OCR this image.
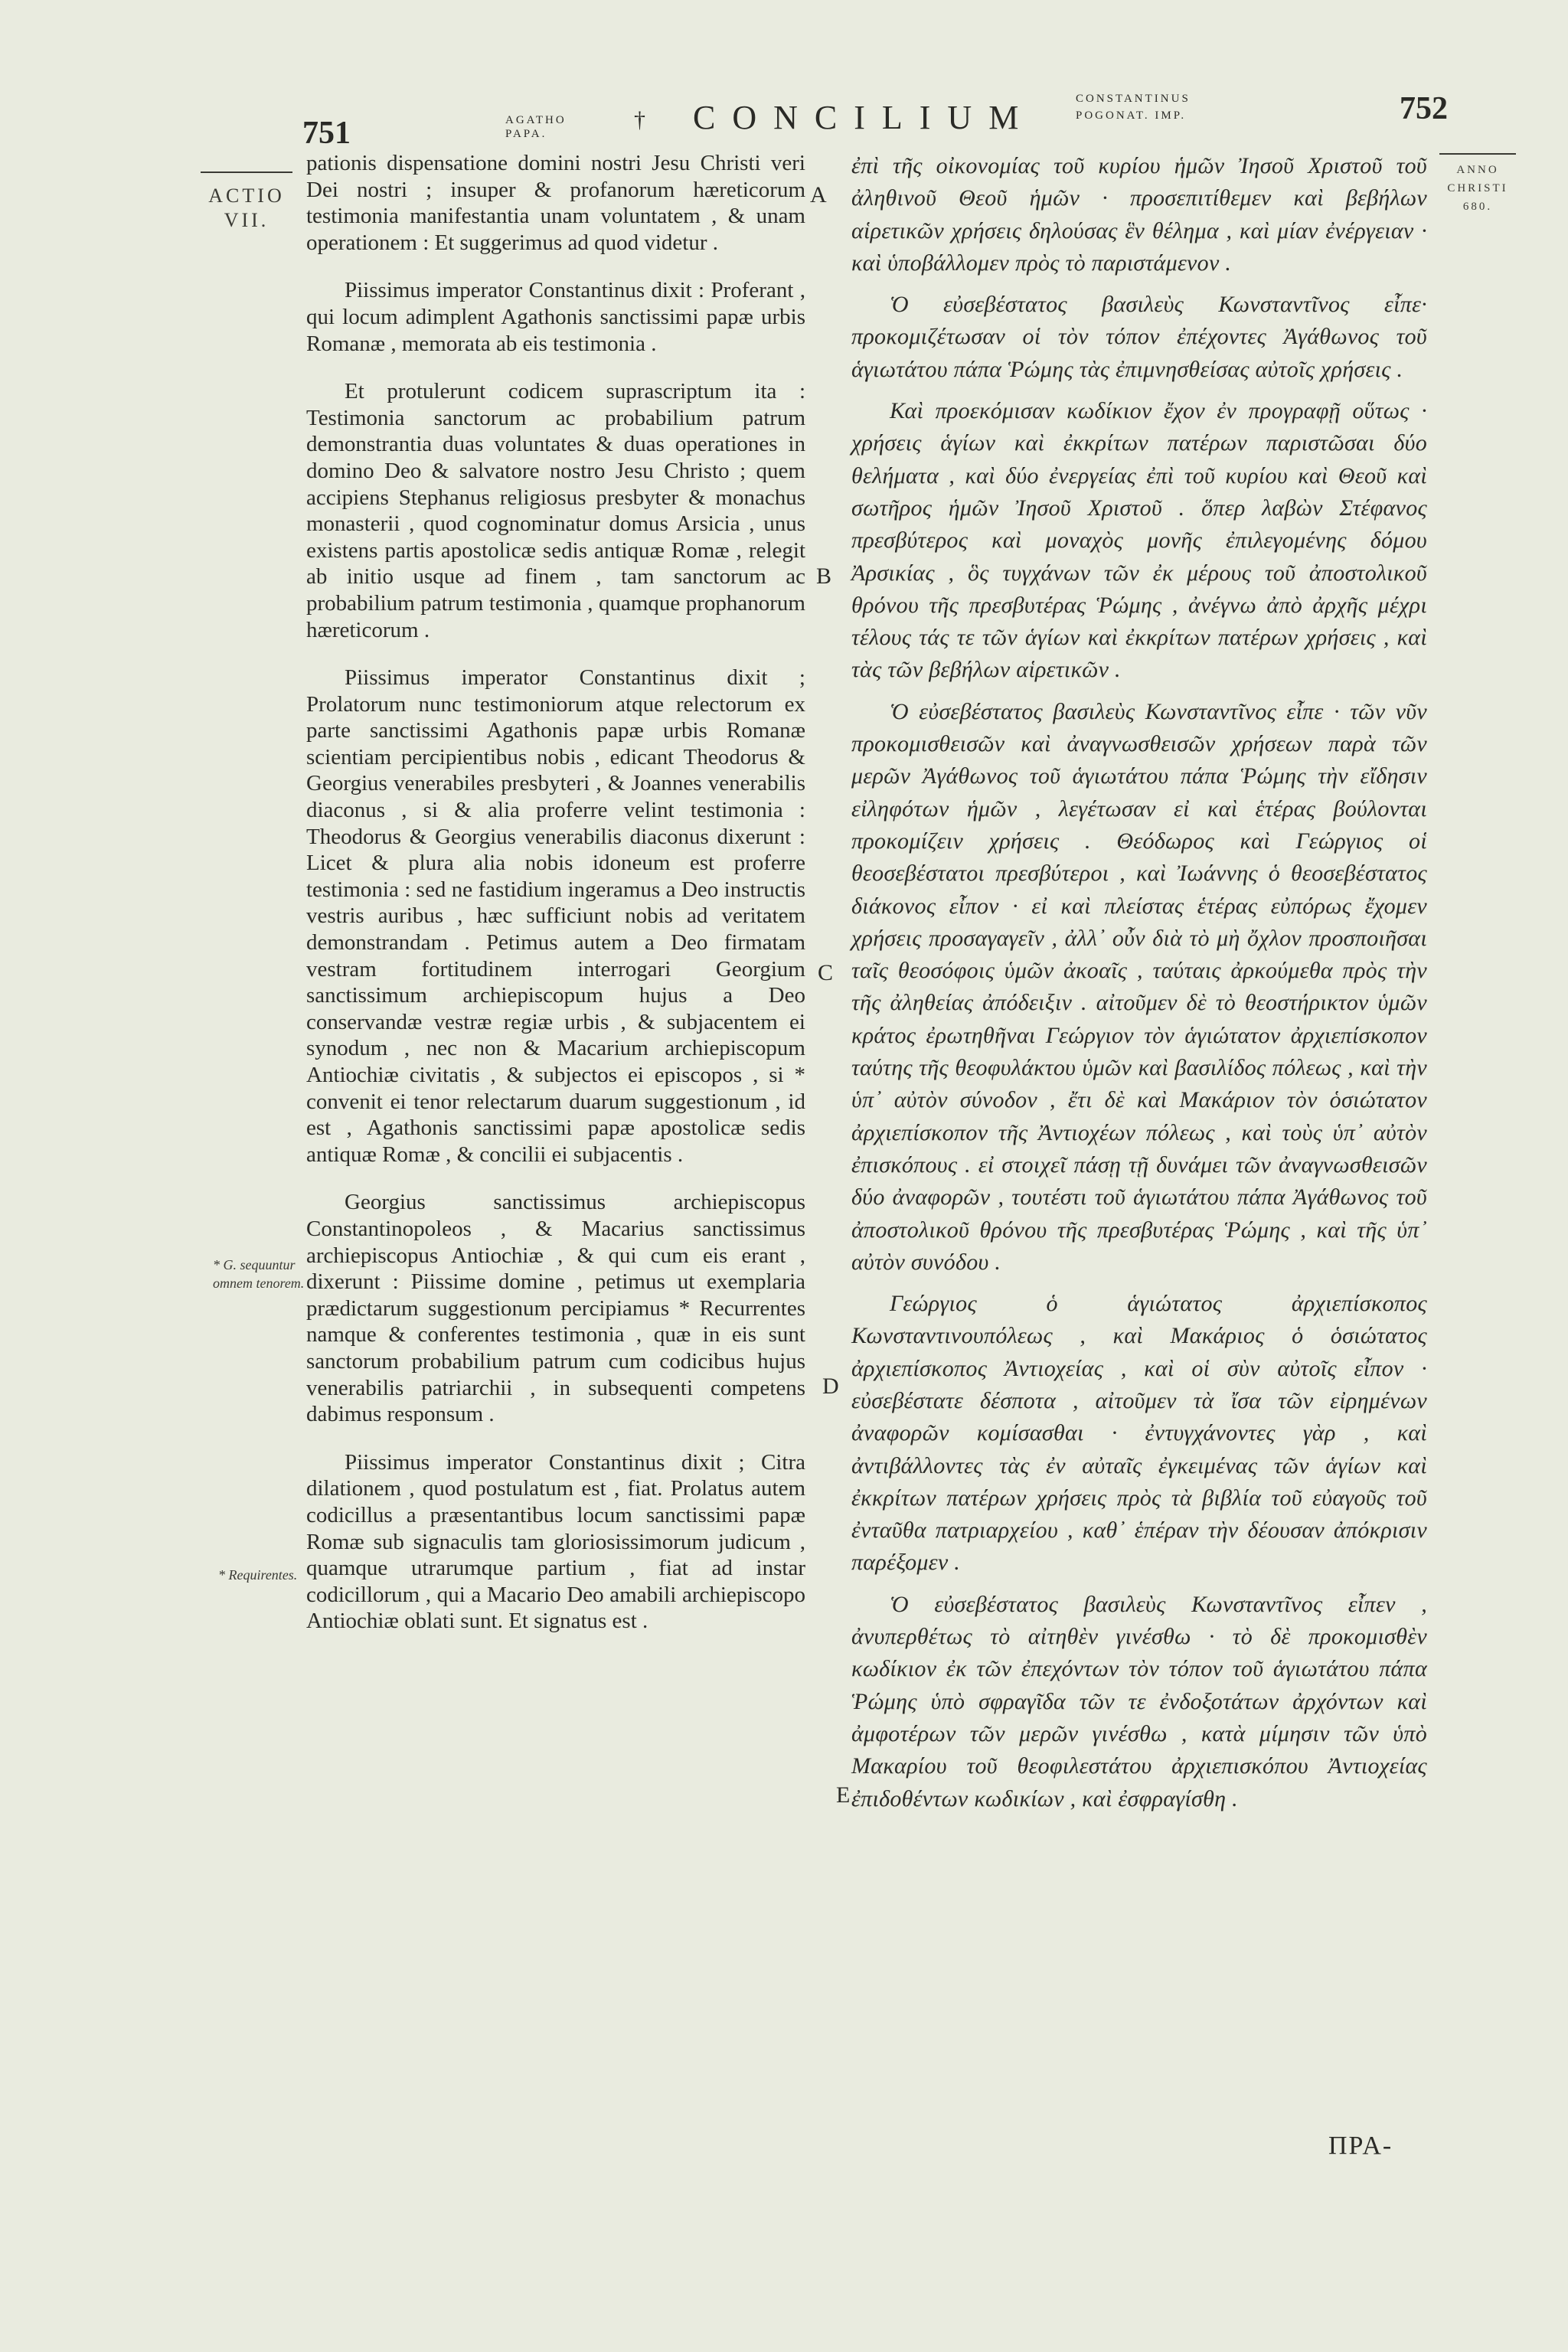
751	AGATHO
PAPA.
† CONCILIUM	CONSTANTINUS
POGONAT. IMP.	752
ACTIO
VII.
* G. sequuntur omnem tenorem.
* Requirentes.
ANNO
CHRISTI
680.
A
B
C
D
E

pationis dispensatione domini nostri Jesu Christi veri Dei nostri ; insuper & profanorum hæreticorum testimonia manifestantia unam voluntatem , & unam operationem : Et suggerimus ad quod videtur .

Piissimus imperator Constantinus dixit : Proferant , qui locum adimplent Agathonis sanctissimi papæ urbis Romanæ , memorata ab eis testimonia .

Et protulerunt codicem suprascriptum ita : Testimonia sanctorum ac probabilium patrum demonstrantia duas voluntates & duas operationes in domino Deo & salvatore nostro Jesu Christo ; quem accipiens Stephanus religiosus presbyter & monachus monasterii , quod cognominatur domus Arsicia , unus existens partis apostolicæ sedis antiquæ Romæ , relegit ab initio usque ad finem , tam sanctorum ac probabilium patrum testimonia , quamque prophanorum hæreticorum .

Piissimus imperator Constantinus dixit ; Prolatorum nunc testimoniorum atque relectorum ex parte sanctissimi Agathonis papæ urbis Romanæ scientiam percipientibus nobis , edicant Theodorus & Georgius venerabiles presbyteri , & Joannes venerabilis diaconus , si & alia proferre velint testimonia : Theodorus & Georgius venerabilis diaconus dixerunt : Licet & plura alia nobis idoneum est proferre testimonia : sed ne fastidium ingeramus a Deo instructis vestris auribus , hæc sufficiunt nobis ad veritatem demonstrandam . Petimus autem a Deo firmatam vestram fortitudinem interrogari Georgium sanctissimum archiepiscopum hujus a Deo conservandæ vestræ regiæ urbis , & subjacentem ei synodum , nec non & Macarium archiepiscopum Antiochiæ civitatis , & subjectos ei episcopos , si * convenit ei tenor relectarum duarum suggestionum , id est , Agathonis sanctissimi papæ apostolicæ sedis antiquæ Romæ , & concilii ei subjacentis .

Georgius sanctissimus archiepiscopus Constantinopoleos , & Macarius sanctissimus archiepiscopus Antiochiæ , & qui cum eis erant , dixerunt : Piissime domine , petimus ut exemplaria prædictarum suggestionum percipiamus * Recurrentes namque & conferentes testimonia , quæ in eis sunt sanctorum probabilium patrum cum codicibus hujus venerabilis patriarchii , in subsequenti competens dabimus responsum .

Piissimus imperator Constantinus dixit ; Citra dilationem , quod postulatum est , fiat. Prolatus autem codicillus a præsentantibus locum sanctissimi papæ Romæ sub signaculis tam gloriosissimorum judicum , quamque utrarumque partium , fiat ad instar codicillorum , qui a Macario Deo amabili archiepiscopo Antiochiæ oblati sunt. Et signatus est .

ἐπὶ τῆς οἰκονομίας τοῦ κυρίου ἡμῶν Ἰησοῦ Χριστοῦ τοῦ ἀληθινοῦ Θεοῦ ἡμῶν · προσεπιτίθεμεν καὶ βεβήλων αἱρετικῶν χρήσεις δηλούσας ἓν θέλημα , καὶ μίαν ἐνέργειαν · καὶ ὑποβάλλομεν πρὸς τὸ παριστάμενον .

Ὁ εὐσεβέστατος βασιλεὺς Κωνσταντῖνος εἶπε· προκομιζέτωσαν οἱ τὸν τόπον ἐπέχοντες Ἀγάθωνος τοῦ ἁγιωτάτου πάπα Ῥώμης τὰς ἐπιμνησθείσας αὐτοῖς χρήσεις .

Καὶ προεκόμισαν κωδίκιον ἔχον ἐν προγραφῇ οὕτως · χρήσεις ἁγίων καὶ ἐκκρίτων πατέρων παριστῶσαι δύο θελήματα , καὶ δύο ἐνεργείας ἐπὶ τοῦ κυρίου καὶ Θεοῦ καὶ σωτῆρος ἡμῶν Ἰησοῦ Χριστοῦ . ὅπερ λαβὼν Στέφανος πρεσβύτερος καὶ μοναχὸς μονῆς ἐπιλεγομένης δόμου Ἀρσικίας , ὃς τυγχάνων τῶν ἐκ μέρους τοῦ ἀποστολικοῦ θρόνου τῆς πρεσβυτέρας Ῥώμης , ἀνέγνω ἀπὸ ἀρχῆς μέχρι τέλους τάς τε τῶν ἁγίων καὶ ἐκκρίτων πατέρων χρήσεις , καὶ τὰς τῶν βεβήλων αἱρετικῶν .

Ὁ εὐσεβέστατος βασιλεὺς Κωνσταντῖνος εἶπε · τῶν νῦν προκομισθεισῶν καὶ ἀναγνωσθεισῶν χρήσεων παρὰ τῶν μερῶν Ἀγάθωνος τοῦ ἁγιωτάτου πάπα Ῥώμης τὴν εἴδησιν εἰληφότων ἡμῶν , λεγέτωσαν εἰ καὶ ἑτέρας βούλονται προκομίζειν χρήσεις . Θεόδωρος καὶ Γεώργιος οἱ θεοσεβέστατοι πρεσβύτεροι , καὶ Ἰωάννης ὁ θεοσεβέστατος διάκονος εἶπον · εἰ καὶ πλείστας ἑτέρας εὐπόρως ἔχομεν χρήσεις προσαγαγεῖν , ἀλλ᾽ οὖν διὰ τὸ μὴ ὄχλον προσποιῆσαι ταῖς θεοσόφοις ὑμῶν ἀκοαῖς , ταύταις ἀρκούμεθα πρὸς τὴν τῆς ἀληθείας ἀπόδειξιν . αἰτοῦμεν δὲ τὸ θεοστήρικτον ὑμῶν κράτος ἐρωτηθῆναι Γεώργιον τὸν ἁγιώτατον ἀρχιεπίσκοπον ταύτης τῆς θεοφυλάκτου ὑμῶν καὶ βασιλίδος πόλεως , καὶ τὴν ὑπ᾽ αὐτὸν σύνοδον , ἔτι δὲ καὶ Μακάριον τὸν ὁσιώτατον ἀρχιεπίσκοπον τῆς Ἀντιοχέων πόλεως , καὶ τοὺς ὑπ᾽ αὐτὸν ἐπισκόπους . εἰ στοιχεῖ πάσῃ τῇ δυνάμει τῶν ἀναγνωσθεισῶν δύο ἀναφορῶν , τουτέστι τοῦ ἁγιωτάτου πάπα Ἀγάθωνος τοῦ ἀποστολικοῦ θρόνου τῆς πρεσβυτέρας Ῥώμης , καὶ τῆς ὑπ᾽ αὐτὸν συνόδου .

Γεώργιος ὁ ἁγιώτατος ἀρχιεπίσκοπος Κωνσταντινουπόλεως , καὶ Μακάριος ὁ ὁσιώτατος ἀρχιεπίσκοπος Ἀντιοχείας , καὶ οἱ σὺν αὐτοῖς εἶπον · εὐσεβέστατε δέσποτα , αἰτοῦμεν τὰ ἴσα τῶν εἰρημένων ἀναφορῶν κομίσασθαι · ἐντυγχάνοντες γὰρ , καὶ ἀντιβάλλοντες τὰς ἐν αὐταῖς ἐγκειμένας τῶν ἁγίων καὶ ἐκκρίτων πατέρων χρήσεις πρὸς τὰ βιβλία τοῦ εὐαγοῦς τοῦ ἐνταῦθα πατριαρχείου , καθ᾽ ἑπέραν τὴν δέουσαν ἀπόκρισιν παρέξομεν .

Ὁ εὐσεβέστατος βασιλεὺς Κωνσταντῖνος εἶπεν , ἀνυπερθέτως τὸ αἰτηθὲν γινέσθω · τὸ δὲ προκομισθὲν κωδίκιον ἐκ τῶν ἐπεχόντων τὸν τόπον τοῦ ἁγιωτάτου πάπα Ῥώμης ὑπὸ σφραγῖδα τῶν τε ἐνδοξοτάτων ἀρχόντων καὶ ἀμφοτέρων τῶν μερῶν γινέσθω , κατὰ μίμησιν τῶν ὑπὸ Μακαρίου τοῦ θεοφιλεστάτου ἀρχιεπισκόπου Ἀντιοχείας ἐπιδοθέντων κωδικίων , καὶ ἐσφραγίσθη .

ΠΡΑ-
